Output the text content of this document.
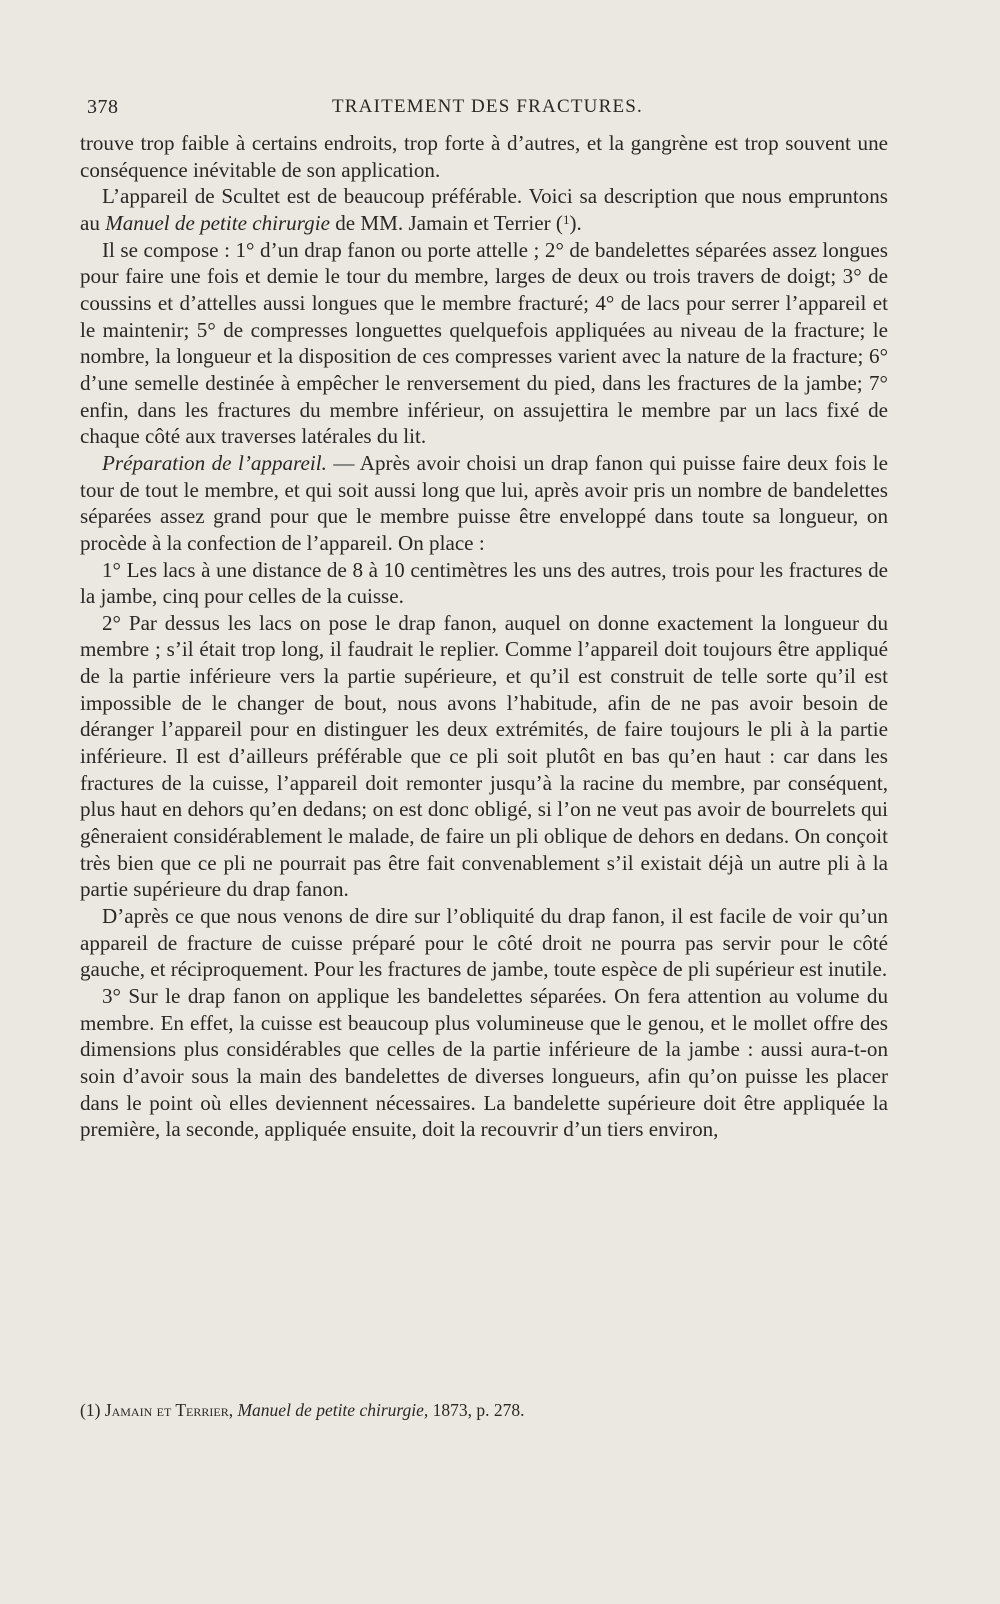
378	TRAITEMENT DES FRACTURES.

trouve trop faible à certains endroits, trop forte à d’autres, et la gangrène est trop souvent une conséquence inévitable de son application.

L’appareil de Scultet est de beaucoup préférable. Voici sa description que nous empruntons au Manuel de petite chirurgie de MM. Jamain et Terrier ($^1$).

Il se compose : 1° d’un drap fanon ou porte attelle ; 2° de bandelettes séparées assez longues pour faire une fois et demie le tour du membre, larges de deux ou trois travers de doigt; 3° de coussins et d’attelles aussi longues que le membre fracturé; 4° de lacs pour serrer l’appareil et le maintenir; 5° de compresses longuettes quelquefois appliquées au niveau de la fracture; le nombre, la longueur et la disposition de ces compresses varient avec la nature de la fracture; 6° d’une semelle destinée à empêcher le renversement du pied, dans les fractures de la jambe; 7° enfin, dans les fractures du membre inférieur, on assujettira le membre par un lacs fixé de chaque côté aux traverses latérales du lit.

Préparation de l’appareil. — Après avoir choisi un drap fanon qui puisse faire deux fois le tour de tout le membre, et qui soit aussi long que lui, après avoir pris un nombre de bandelettes séparées assez grand pour que le membre puisse être enveloppé dans toute sa longueur, on procède à la confection de l’appareil. On place :

1° Les lacs à une distance de 8 à 10 centimètres les uns des autres, trois pour les fractures de la jambe, cinq pour celles de la cuisse.

2° Par dessus les lacs on pose le drap fanon, auquel on donne exactement la longueur du membre ; s’il était trop long, il faudrait le replier. Comme l’appareil doit toujours être appliqué de la partie inférieure vers la partie supérieure, et qu’il est construit de telle sorte qu’il est impossible de le changer de bout, nous avons l’habitude, afin de ne pas avoir besoin de déranger l’appareil pour en distinguer les deux extrémités, de faire toujours le pli à la partie inférieure. Il est d’ailleurs préférable que ce pli soit plutôt en bas qu’en haut : car dans les fractures de la cuisse, l’appareil doit remonter jusqu’à la racine du membre, par conséquent, plus haut en dehors qu’en dedans; on est donc obligé, si l’on ne veut pas avoir de bourrelets qui gêneraient considérablement le malade, de faire un pli oblique de dehors en dedans. On conçoit très bien que ce pli ne pourrait pas être fait convenablement s’il existait déjà un autre pli à la partie supérieure du drap fanon.

D’après ce que nous venons de dire sur l’obliquité du drap fanon, il est facile de voir qu’un appareil de fracture de cuisse préparé pour le côté droit ne pourra pas servir pour le côté gauche, et réciproquement. Pour les fractures de jambe, toute espèce de pli supérieur est inutile.

3° Sur le drap fanon on applique les bandelettes séparées. On fera attention au volume du membre. En effet, la cuisse est beaucoup plus volumineuse que le genou, et le mollet offre des dimensions plus considérables que celles de la partie inférieure de la jambe : aussi aura-t-on soin d’avoir sous la main des bandelettes de diverses longueurs, afin qu’on puisse les placer dans le point où elles deviennent nécessaires. La bandelette supérieure doit être appliquée la première, la seconde, appliquée ensuite, doit la recouvrir d’un tiers environ,

(1) Jamain et Terrier, Manuel de petite chirurgie, 1873, p. 278.
